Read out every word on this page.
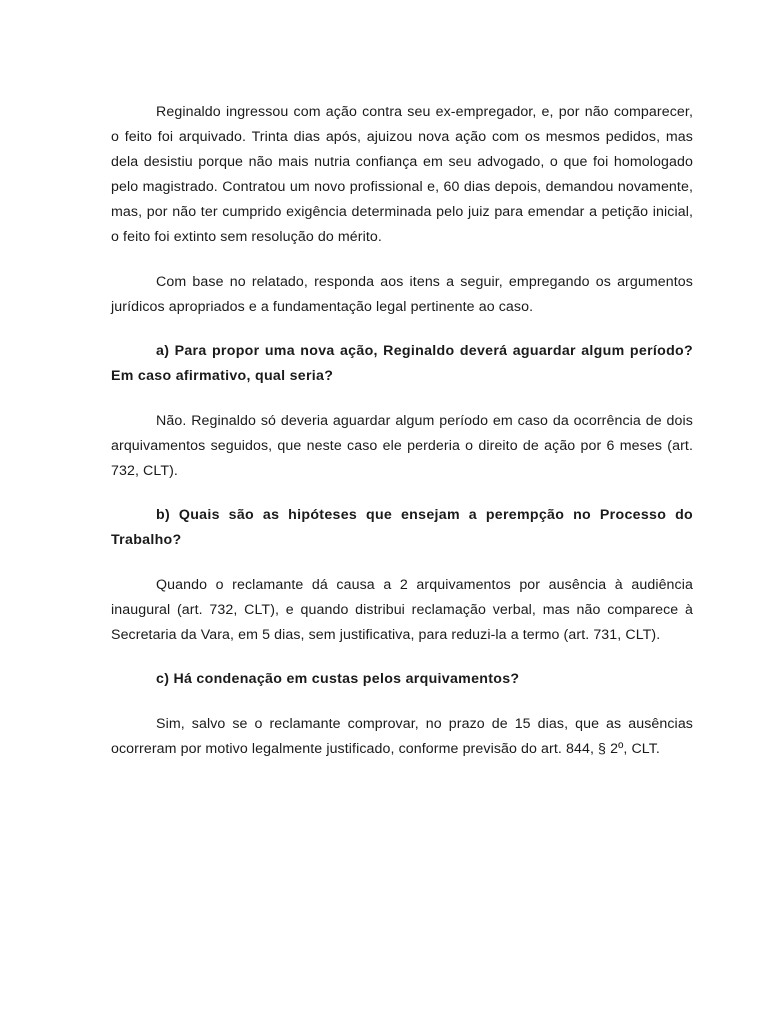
Reginaldo ingressou com ação contra seu ex-empregador, e, por não comparecer, o feito foi arquivado. Trinta dias após, ajuizou nova ação com os mesmos pedidos, mas dela desistiu porque não mais nutria confiança em seu advogado, o que foi homologado pelo magistrado. Contratou um novo profissional e, 60 dias depois, demandou novamente, mas, por não ter cumprido exigência determinada pelo juiz para emendar a petição inicial, o feito foi extinto sem resolução do mérito.

Com base no relatado, responda aos itens a seguir, empregando os argumentos jurídicos apropriados e a fundamentação legal pertinente ao caso.

a) Para propor uma nova ação, Reginaldo deverá aguardar algum período? Em caso afirmativo, qual seria?

Não. Reginaldo só deveria aguardar algum período em caso da ocorrência de dois arquivamentos seguidos, que neste caso ele perderia o direito de ação por 6 meses (art. 732, CLT).

b) Quais são as hipóteses que ensejam a perempção no Processo do Trabalho?

Quando o reclamante dá causa a 2 arquivamentos por ausência à audiência inaugural (art. 732, CLT), e quando distribui reclamação verbal, mas não comparece à Secretaria da Vara, em 5 dias, sem justificativa, para reduzi-la a termo (art. 731, CLT).

c) Há condenação em custas pelos arquivamentos?

Sim, salvo se o reclamante comprovar, no prazo de 15 dias, que as ausências ocorreram por motivo legalmente justificado, conforme previsão do art. 844, § 2º, CLT.
